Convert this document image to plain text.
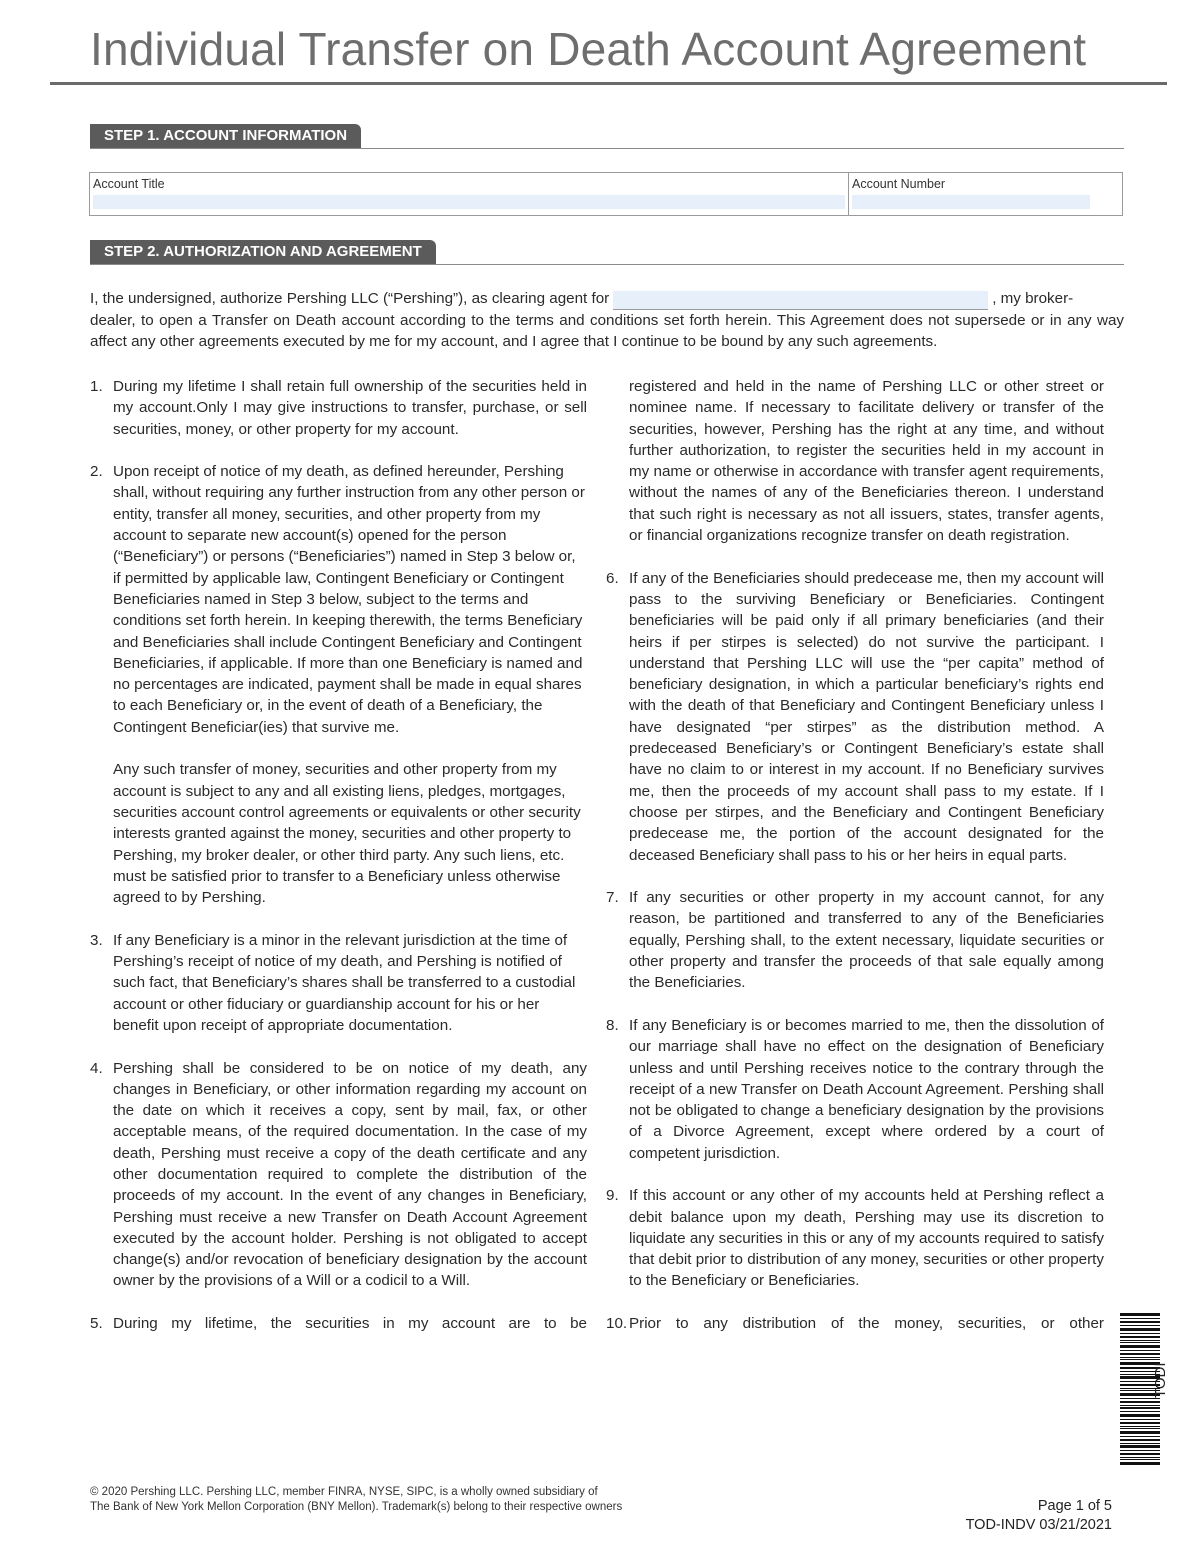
Individual Transfer on Death Account Agreement
STEP 1. ACCOUNT INFORMATION
Account Title	Account Number
STEP 2. AUTHORIZATION AND AGREEMENT
I, the undersigned, authorize Pershing LLC (“Pershing”), as clearing agent for	, my broker-
dealer, to open a Transfer on Death account according to the terms and conditions set forth herein. This Agreement does not supersede or in any way affect any other agreements executed by me for my account, and I agree that I continue to be bound by any such agreements.
1. During my lifetime I shall retain full ownership of the securities held in my account.Only I may give instructions to transfer, purchase, or sell securities, money, or other property for my account.

2. Upon receipt of notice of my death, as defined hereunder, Pershing shall, without requiring any further instruction from any other person or entity, transfer all money, securities, and other property from my account to separate new account(s) opened for the person (“Beneficiary”) or persons (“Beneficiaries”) named in Step 3 below or, if permitted by applicable law, Contingent Beneficiary or Contingent Beneficiaries named in Step 3 below, subject to the terms and conditions set forth herein. In keeping therewith, the terms Beneficiary and Beneficiaries shall include Contingent Beneficiary and Contingent Beneficiaries, if applicable. If more than one Beneficiary is named and no percentages are indicated, payment shall be made in equal shares to each Beneficiary or, in the event of death of a Beneficiary, the Contingent Beneficiar(ies) that survive me.

Any such transfer of money, securities and other property from my account is subject to any and all existing liens, pledges, mortgages, securities account control agreements or equivalents or other security interests granted against the money, securities and other property to Pershing, my broker dealer, or other third party. Any such liens, etc. must be satisfied prior to transfer to a Beneficiary unless otherwise agreed to by Pershing.

3. If any Beneficiary is a minor in the relevant jurisdiction at the time of Pershing’s receipt of notice of my death, and Pershing is notified of such fact, that Beneficiary’s shares shall be transferred to a custodial account or other fiduciary or guardianship account for his or her benefit upon receipt of appropriate documentation.

4. Pershing shall be considered to be on notice of my death, any changes in Beneficiary, or other information regarding my account on the date on which it receives a copy, sent by mail, fax, or other acceptable means, of the required documentation. In the case of my death, Pershing must receive a copy of the death certificate and any other documentation required to complete the distribution of the proceeds of my account. In the event of any changes in Beneficiary, Pershing must receive a new Transfer on Death Account Agreement executed by the account holder. Pershing is not obligated to accept change(s) and/or revocation of beneficiary designation by the account owner by the provisions of a Will or a codicil to a Will.

5. During my lifetime, the securities in my account are to be

registered and held in the name of Pershing LLC or other street or nominee name. If necessary to facilitate delivery or transfer of the securities, however, Pershing has the right at any time, and without further authorization, to register the securities held in my account in my name or otherwise in accordance with transfer agent requirements, without the names of any of the Beneficiaries thereon. I understand that such right is necessary as not all issuers, states, transfer agents, or financial organizations recognize transfer on death registration.
6. If any of the Beneficiaries should predecease me, then my account will pass to the surviving Beneficiary or Beneficiaries. Contingent beneficiaries will be paid only if all primary beneficiaries (and their heirs if per stirpes is selected) do not survive the participant. I understand that Pershing LLC will use the “per capita” method of beneficiary designation, in which a particular beneficiary’s rights end with the death of that Beneficiary and Contingent Beneficiary unless I have designated “per stirpes” as the distribution method. A predeceased Beneficiary’s or Contingent Beneficiary’s estate shall have no claim to or interest in my account. If no Beneficiary survives me, then the proceeds of my account shall pass to my estate. If I choose per stirpes, and the Beneficiary and Contingent Beneficiary predecease me, the portion of the account designated for the deceased Beneficiary shall pass to his or her heirs in equal parts.

7. If any securities or other property in my account cannot, for any reason, be partitioned and transferred to any of the Beneficiaries equally, Pershing shall, to the extent necessary, liquidate securities or other property and transfer the proceeds of that sale equally among the Beneficiaries.

8. If any Beneficiary is or becomes married to me, then the dissolution of our marriage shall have no effect on the designation of Beneficiary unless and until Pershing receives notice to the contrary through the receipt of a new Transfer on Death Account Agreement. Pershing shall not be obligated to change a beneficiary designation by the provisions of a Divorce Agreement, except where ordered by a court of competent jurisdiction.

9. If this account or any other of my accounts held at Pershing reflect a debit balance upon my death, Pershing may use its discretion to liquidate any securities in this or any of my accounts required to satisfy that debit prior to distribution of any money, securities or other property to the Beneficiary or Beneficiaries.

10. Prior to any distribution of the money, securities, or other

TODI
© 2020 Pershing LLC. Pershing LLC, member FINRA, NYSE, SIPC, is a wholly owned subsidiary of
The Bank of New York Mellon Corporation (BNY Mellon). Trademark(s) belong to their respective owners	Page 1 of 5
TOD-INDV 03/21/2021
